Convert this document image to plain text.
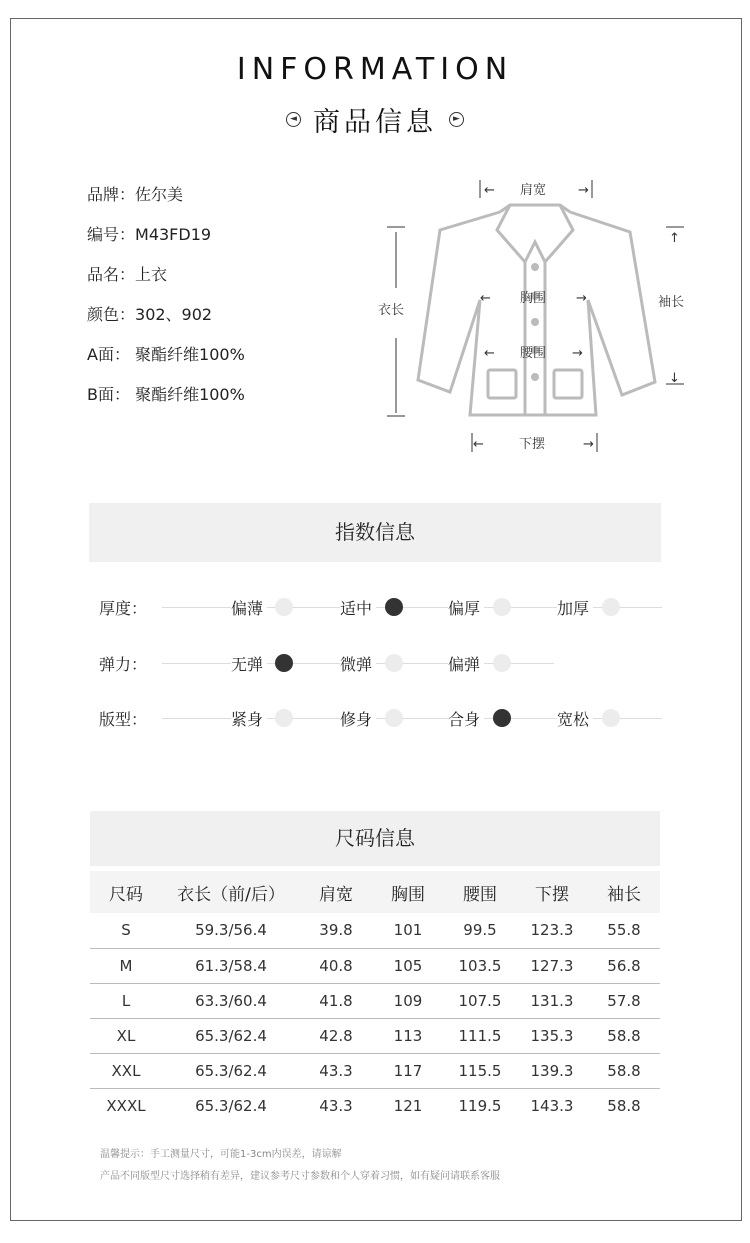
INFORMATION
◄ 商品信息	►
品牌：佐尔美
编号：M43FD19
品名：上衣
颜色：302、902
A面： 聚酯纤维100%
B面： 聚酯纤维100%
← 肩宽 →
衣长
← 胸围 →
← 腰围 →
↑
袖长
↓
←	下摆	→
指数信息
厚度：	偏薄	适中	偏厚	加厚
弹力：	无弹	微弹	偏弹
版型：	紧身	修身	合身	宽松
尺码信息
尺码	衣长（前/后）	肩宽	胸围	腰围	下摆	袖长
S	59.3/56.4	39.8	101	99.5	123.3	55.8
M	61.3/58.4	40.8	105	103.5	127.3	56.8
L	63.3/60.4	41.8	109	107.5	131.3	57.8
XL	65.3/62.4	42.8	113	111.5	135.3	58.8
XXL	65.3/62.4	43.3	117	115.5	139.3	58.8
XXXL	65.3/62.4	43.3	121	119.5	143.3	58.8
温馨提示：手工测量尺寸，可能1-3cm内误差，请谅解
产品不同版型尺寸选择稍有差异，建议参考尺寸参数和个人穿着习惯，如有疑问请联系客服
